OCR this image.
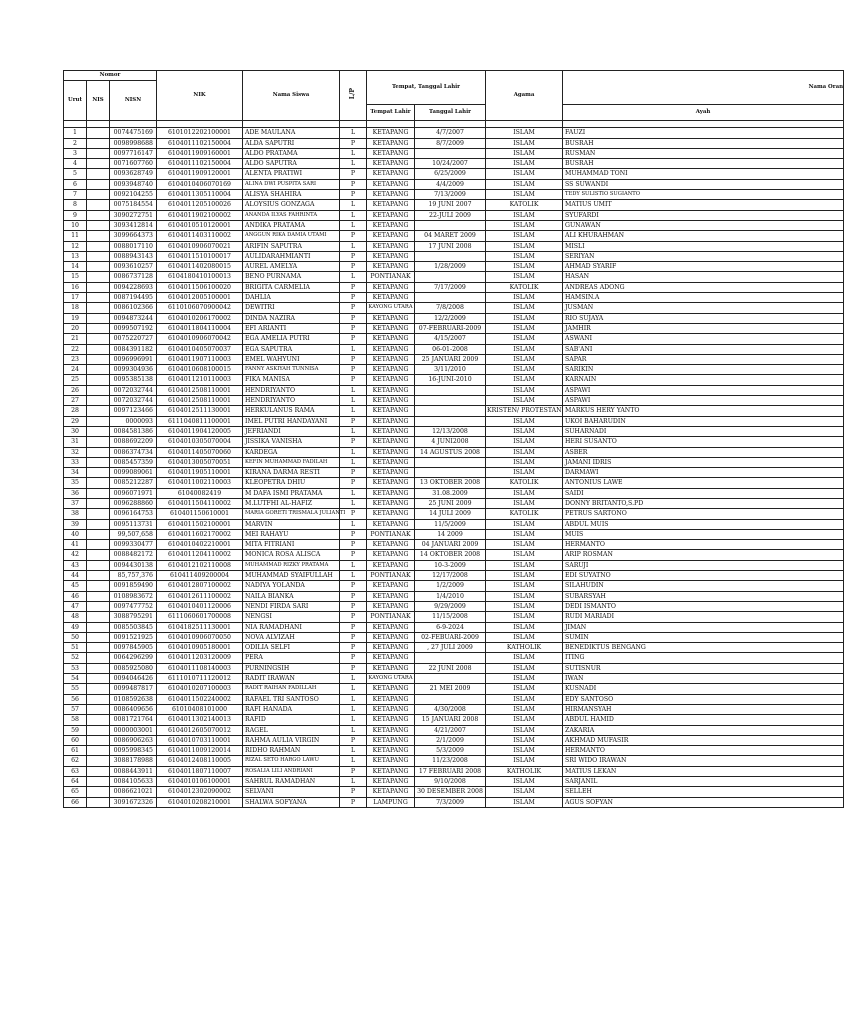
Nomor			NIK	Nama Siswa	L/P	Tempat, Tanggal Lahir		Agama	Nama Oran
Urut	NIS	NISN							
						Tempat Lahir	Tanggal Lahir		Ayah

1		0074475169	6101012202100001	ADE MAULANA	L	KETAPANG	4/7/2007	ISLAM	FAUZI
2		0098998688	6104011102150004	ALDA SAPUTRI	P	KETAPANG	8/7/2009	ISLAM	BUSRAH
3		0097716147	6104011909160001	ALDO PRATAMA	L	KETAPANG		ISLAM	RUSMAN
4		0071607760	6104011102150004	ALDO SAPUTRA	L	KETAPANG	10/24/2007	ISLAM	BUSRAH
5		0093628749	6104011909120001	ALENTA PRATIWI	P	KETAPANG	6/25/2009	ISLAM	MUHAMMAD TONI
6		0093948740	6104010406070169	ALINA DWI PUSPITA SARI	P	KETAPANG	4/4/2009	ISLAM	SS SUWANDI
7		0092104255	6104011305110004	ALISYA SHAHIRA	P	KETAPANG	7/13/2009	ISLAM	TEDY SULISTIO SUGIANTO
8		0075184554	6104011205100026	ALOYSIUS GONZAGA	L	KETAPANG	19 JUNI 2007	KATOLIK	MATIUS UMIT
9		3090272751	6104011902100002	ANANDA ILYAS FAHRINTA	L	KETAPANG	22-JULI 2009	ISLAM	SYUFARDI
10		3093412814	6104010510120001	ANDIKA PRATAMA	L	KETAPANG		ISLAM	GUNAWAN
11		3099664373	6104011403110002	ANGGUN RIKA DAMIA UTAMI	P	KETAPANG	04 MARET 2009	ISLAM	ALI KHURAHMAN
12		0088017110	6104010906070021	ARIFIN SAPUTRA	L	KETAPANG	17 JUNI 2008	ISLAM	MISLI
13		0088943143	6104011510100017	AULIDARAHMIANTI	P	KETAPANG		ISLAM	SERIYAN
14		0093610257	6104011402080015	AUREL AMELYA	P	KETAPANG	1/28/2009	ISLAM	AHMAD SYARIF
15		0086737128	6104180410100013	BENO PURNAMA	L	PONTIANAK		ISLAM	HASAN
16		0094228693	6104011506100020	BRIGITA CARMELIA	P	KETAPANG	7/17/2009	KATOLIK	ANDREAS ADONG
17		0087194495	6104012005100001	DAHLIA	P	KETAPANG		ISLAM	HAMSIN.A
18		0086102366	6110106070900042	DEWITRI	P	KAYONG UTARA	7/8/2008	ISLAM	JUSMAN
19		0094873244	6104010206170002	DINDA NAZIRA	P	KETAPANG	12/2/2009	ISLAM	RIO SUJAYA
20		0099507192	6104011804110004	EFI ARIANTI	P	KETAPANG	07-FEBRUARI-2009	ISLAM	JAMHIR
21		0075220727	6104010906070042	EGA AMELIA PUTRI	P	KETAPANG	4/15/2007	ISLAM	ASWANI
22		0084391182	6104010405070037	EGA SAPUTRA	L	KETAPANG	06-01-2008	ISLAM	SAB'ANI
23		0096996991	6104011907110003	EMEL WAHYUNI	P	KETAPANG	25 JANUARI 2009	ISLAM	SAPAR
24		0099304936	6104010608100015	FANNY ASKIYAH TUNNISA	P	KETAPANG	3/11/2010	ISLAM	SARIKIN
25		0095385138	6104011210110003	FIKA MANISA	P	KETAPANG	16-JUNI-2010	ISLAM	KARNAIN
26		0072032744	6104012508110001	HENDRIYANTO	L	KETAPANG		ISLAM	ASPAWI
27		0072032744	6104012508110001	HENDRIYANTO	L	KETAPANG		ISLAM	ASPAWI
28		0097123466	6104012511130001	HERKULANUS RAMA	L	KETAPANG		KRISTEN/ PROTESTAN	MARKUS HERY YANTO
29		0000093	6111040811100001	IMEL PUTRI HANDAYANI	P	KETAPANG		ISLAM	UKOI BAHARUDIN
30		0084581386	6104011904120005	JEFRIANDI	L	KETAPANG	12/13/2008	ISLAM	SUHARNADI
31		0088692209	6104010305070004	JISSIKA VANISHA	P	KETAPANG	4 JUNI2008	ISLAM	HERI SUSANTO
32		0086374734	6104011405070060	KARDEGA	L	KETAPANG	14 AGUSTUS 2008	ISLAM	ASBER
33		0085457359	6104013005070051	KEFIN MUHAMMAD FADILAH	L	KETAPANG		ISLAM	JAMANI IDRIS
34		0099089061	6104011905110001	KIRANA DARMA RESTI	P	KETAPANG		ISLAM	DARMAWI
35		0085212287	6104011002110003	KLEOPETRA DHIU	P	KETAPANG	13 OKTOBER 2008	KATOLIK	ANTONIUS LAWE
36		0096071971	61040082419	M DAFA ISMI PRATAMA	L	KETAPANG	31.08.2009	ISLAM	SAIDI
37		0096288860	6104011504110002	M.LUTFHI AL-HAFIZ	L	KETAPANG	25 JUNI 2009	ISLAM	DONNY BRITANTO,S.PD
38		0096164753	610401150610001	MARIA GORETI TRISMALA JULIANTI	P	KETAPANG	14 JULI 2009	KATOLIK	PETRUS SARTONO
39		0095113731	6104011502100001	MARVIN	L	KETAPANG	11/5/2009	ISLAM	ABDUL MUIS
40		99,507,658	6104011602170002	MEI RAHAYU	P	PONTIANAK	14 2009	ISLAM	MUIS
41		0099330477	6104010402210001	MITA FITRIANI	P	KETAPANG	04 JANUARI 2009	ISLAM	HERMANTO
42		0088482172	6104011204110002	MONICA ROSA ALISCA	P	KETAPANG	14 OKTOBER 2008	ISLAM	ARIP ROSMAN
43		0094430138	6104012102110008	MUHAMMAD RIZKY PRATAMA	L	KETAPANG	10-3-2009	ISLAM	SARUJI
44		85,757,376	610411409200004	MUHAMMAD SYAIFULLAH	L	PONTIANAK	12/17/2008	ISLAM	EDI SUYATNO
45		0091859490	6104012807100002	NADIYA YOLANDA	P	KETAPANG	1/2/2009	ISLAM	SILAHUDIN
46		0108983672	6104012611100002	NAILA BIANKA	P	KETAPANG	1/4/2010	ISLAM	SUBARSYAH
47		0097477752	6104010401120006	NENDI FIRDA SARI	P	KETAPANG	9/29/2009	ISLAM	DEDI ISMANTO
48		3088795291	6111060601700008	NENGSI	P	PONTIANAK	11/15/2008	ISLAM	RUDI MARIADI
49		0085503845	6104182511130001	NIA RAMADHANI	P	KETAPANG	6-9-2024	ISLAM	JIMAN
50		0091521925	6104010906070050	NOVA ALVIZAH	P	KETAPANG	02-FEBUARI-2009	ISLAM	SUMIN
51		0097845905	6104010905180001	ODILIA SELFI	P	KETAPANG	, 27 JULI 2009	KATHOLIK	BENEDIKTUS BENGANG
52		0064296299	6104011203120009	PERA	P	KETAPANG		ISLAM	ITING
53		0085925080	6104011108140003	PURNINGSIH	P	KETAPANG	22 JUNI 2008	ISLAM	SUTISNUR
54		0094046426	6111010711120012	RADIT IRAWAN	L	KAYONG UTARA		ISLAM	IWAN
55		0099487817	6104010207100003	RADIT RAIHAN FADILLAH	L	KETAPANG	21 MEI 2009	ISLAM	KUSNADI
56		0108592638	6104011502240002	RAFAEL TRI SANTOSO	L	KETAPANG		ISLAM	EDY SANTOSO
57		0086409656	61010408101000	RAFI HANADA	L	KETAPANG	4/30/2008	ISLAM	HIRMANSYAH
58		0081721764	6104011302140013	RAFID	L	KETAPANG	15 JANUARI 2008	ISLAM	ABDUL HAMID
59		0000003001	6104012605070012	RAGEL	L	KETAPANG	4/21/2007	ISLAM	ZAKARIA
60		0086906263	6104010703110001	RAHMA AULIA VIRGIN	P	KETAPANG	2/1/2009	ISLAM	AKHMAD MUFASIR
61		0095998345	6104011009120014	RIDHO RAHMAN	L	KETAPANG	5/3/2009	ISLAM	HERMANTO
62		3088178988	6104012408110005	RIZAL SETO HARGO LAWU	L	KETAPANG	11/23/2008	ISLAM	SRI WIDO IRAWAN
63		0088443911	6104011807110007	ROSALIA LILI ANDRIANI	P	KETAPANG	17 FEBRUARI 2008	KATHOLIK	MATIUS LEKAN
64		0084105633	6104010106100001	SAHRUL RAMADHAN	L	KETAPANG	9/10/2008	ISLAM	SARJANIL
65		0086621021	6104012302090002	SELVANI	P	KETAPANG	30 DESEMBER 2008	ISLAM	SELLEH
66		3091672326	6104010208210001	SHALWA SOFYANA	P	LAMPUNG	7/3/2009	ISLAM	AGUS SOFYAN
